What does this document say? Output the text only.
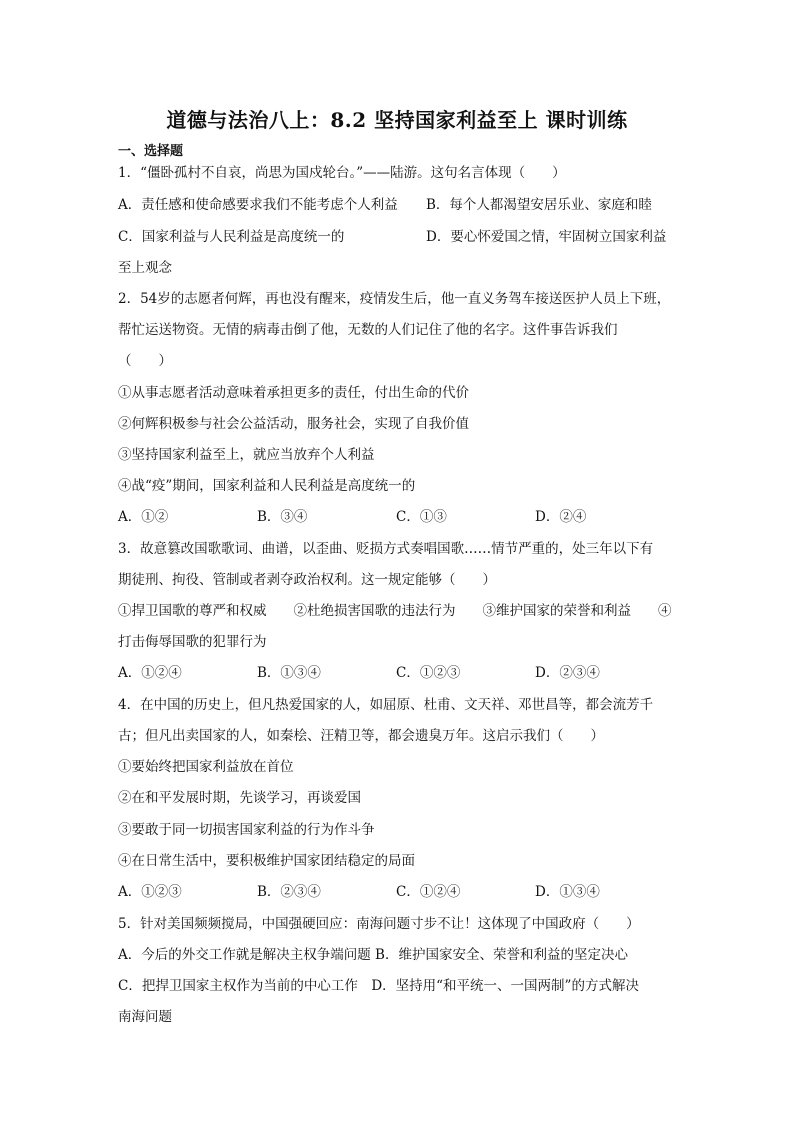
道德与法治八上：8.2 坚持国家利益至上 课时训练
一、选择题
1．“僵卧孤村不自哀，尚思为国戍轮台。”——陆游。这句名言体现（　　）
A．责任感和使命感要求我们不能考虑个人利益 B．每个人都渴望安居乐业、家庭和睦
C．国家利益与人民利益是高度统一的	D．要心怀爱国之情，牢固树立国家利益
至上观念
2．54岁的志愿者何辉，再也没有醒来，疫情发生后，他一直义务驾车接送医护人员上下班，
帮忙运送物资。无情的病毒击倒了他，无数的人们记住了他的名字。这件事告诉我们
（　　）
①从事志愿者活动意味着承担更多的责任，付出生命的代价
②何辉积极参与社会公益活动，服务社会，实现了自我价值
③坚持国家利益至上，就应当放弃个人利益
④战“疫”期间，国家利益和人民利益是高度统一的
A．①②	B．③④	C．①③	D．②④
3．故意篡改国歌歌词、曲谱，以歪曲、贬损方式奏唱国歌……情节严重的，处三年以下有
期徒刑、拘役、管制或者剥夺政治权利。这一规定能够（　　）
①捍卫国歌的尊严和权威　　②杜绝损害国歌的违法行为　　③维护国家的荣誉和利益　　④
打击侮辱国歌的犯罪行为
A．①②④	B．①③④	C．①②③	D．②③④
4．在中国的历史上，但凡热爱国家的人，如屈原、杜甫、文天祥、邓世昌等，都会流芳千
古；但凡出卖国家的人，如秦桧、汪精卫等，都会遗臭万年。这启示我们（　　）
①要始终把国家利益放在首位
②在和平发展时期，先谈学习，再谈爱国
③要敢于同一切损害国家利益的行为作斗争
④在日常生活中，要积极维护国家团结稳定的局面
A．①②③	B．②③④	C．①②④	D．①③④
5．针对美国频频搅局，中国强硬回应：南海问题寸步不让！这体现了中国政府（　　）
A．今后的外交工作就是解决主权争端问题 B．维护国家安全、荣誉和利益的坚定决心
C．把捍卫国家主权作为当前的中心工作　D．坚持用“和平统一、一国两制”的方式解决
南海问题
